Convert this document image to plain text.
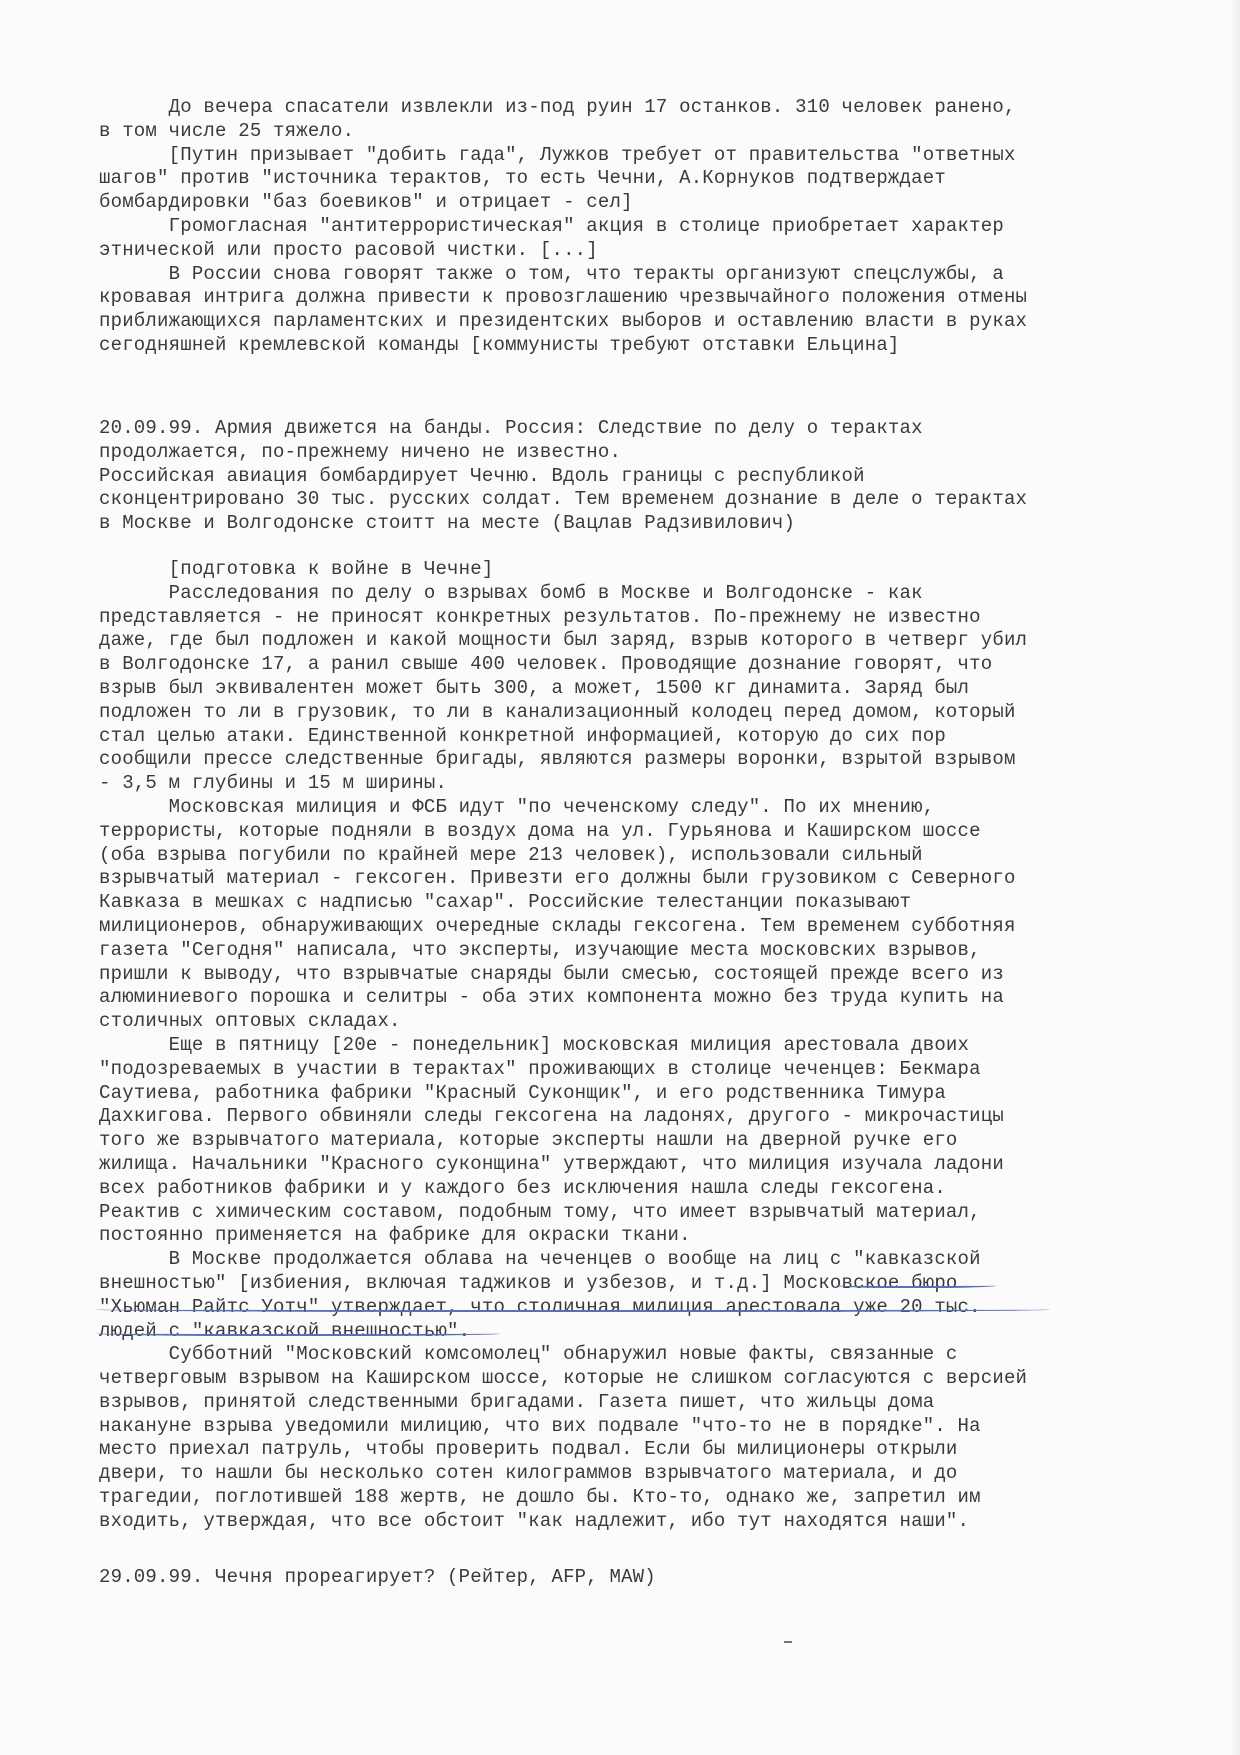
До вечера спасатели извлекли из-под руин 17 останков. 310 человек ранено,
в том числе 25 тяжело.
[Путин призывает "добить гада", Лужков требует от правительства "ответных
шагов" против "источника терактов, то есть Чечни, А.Корнуков подтверждает
бомбардировки "баз боевиков" и отрицает - сел]
Громогласная "антитеррористическая" акция в столице приобретает характер
этнической или просто расовой чистки. [...]
В России снова говорят также о том, что теракты организуют спецслужбы, а
кровавая интрига должна привести к провозглашению чрезвычайного положения отмены
приближающихся парламентских и президентских выборов и оставлению власти в руках
сегодняшней кремлевской команды [коммунисты требуют отставки Ельцина]
20.09.99. Армия движется на банды. Россия: Следствие по делу о терактах
продолжается, по-прежнему ничено не известно.
Российская авиация бомбардирует Чечню. Вдоль границы с республикой
сконцентрировано 30 тыс. русских солдат. Тем временем дознание в деле о терактах
в Москве и Волгодонске стоитт на месте (Вацлав Радзивилович)
[подготовка к войне в Чечне]
Расследования по делу о взрывах бомб в Москве и Волгодонске - как
представляется - не приносят конкретных результатов. По-прежнему не известно
даже, где был подложен и какой мощности был заряд, взрыв которого в четверг убил
в Волгодонске 17, а ранил свыше 400 человек. Проводящие дознание говорят, что
взрыв был эквивалентен может быть 300, а может, 1500 кг динамита. Заряд был
подложен то ли в грузовик, то ли в канализационный колодец перед домом, который
стал целью атаки. Единственной конкретной информацией, которую до сих пор
сообщили прессе следственные бригады, являются размеры воронки, взрытой взрывом
- 3,5 м глубины и 15 м ширины.
Московская милиция и ФСБ идут "по чеченскому следу". По их мнению,
террористы, которые подняли в воздух дома на ул. Гурьянова и Каширском шоссе
(оба взрыва погубили по крайней мере 213 человек), использовали сильный
взрывчатый материал - гексоген. Привезти его должны были грузовиком с Северного
Кавказа в мешках с надписью "сахар". Российские телестанции показывают
милиционеров, обнаруживающих очередные склады гексогена. Тем временем субботняя
газета "Сегодня" написала, что эксперты, изучающие места московских взрывов,
пришли к выводу, что взрывчатые снаряды были смесью, состоящей прежде всего из
алюминиевого порошка и селитры - оба этих компонента можно без труда купить на
столичных оптовых складах.
Еще в пятницу [20е - понедельник] московская милиция арестовала двоих
"подозреваемых в участии в терактах" проживающих в столице чеченцев: Бекмара
Саутиева, работника фабрики "Красный Суконщик", и его родственника Тимура
Дахкигова. Первого обвиняли следы гексогена на ладонях, другого - микрочастицы
того же взрывчатого материала, которые эксперты нашли на дверной ручке его
жилища. Начальники "Красного суконщина" утверждают, что милиция изучала ладони
всех работников фабрики и у каждого без исключения нашла следы гексогена.
Реактив с химическим составом, подобным тому, что имеет взрывчатый материал,
постоянно применяется на фабрике для окраски ткани.
В Москве продолжается облава на чеченцев о вообще на лиц с "кавказской
внешностью" [избиения, включая таджиков и узбезов, и т.д.] Московское бюро
"Хьюман Райтс Уотч" утверждает, что столичная милиция арестовала уже 20 тыс.
людей с "кавказской внешностью".
Субботний "Московский комсомолец" обнаружил новые факты, связанные с
четверговым взрывом на Каширском шоссе, которые не слишком согласуются с версией
взрывов, принятой следственными бригадами. Газета пишет, что жильцы дома
накануне взрыва уведомили милицию, что вих подвале "что-то не в порядке". На
место приехал патруль, чтобы проверить подвал. Если бы милиционеры открыли
двери, то нашли бы несколько сотен килограммов взрывчатого материала, и до
трагедии, поглотившей 188 жертв, не дошло бы. Кто-то, однако же, запретил им
входить, утверждая, что все обстоит "как надлежит, ибо тут находятся наши".
29.09.99. Чечня прореагирует? (Рейтер, AFP, MAW)
